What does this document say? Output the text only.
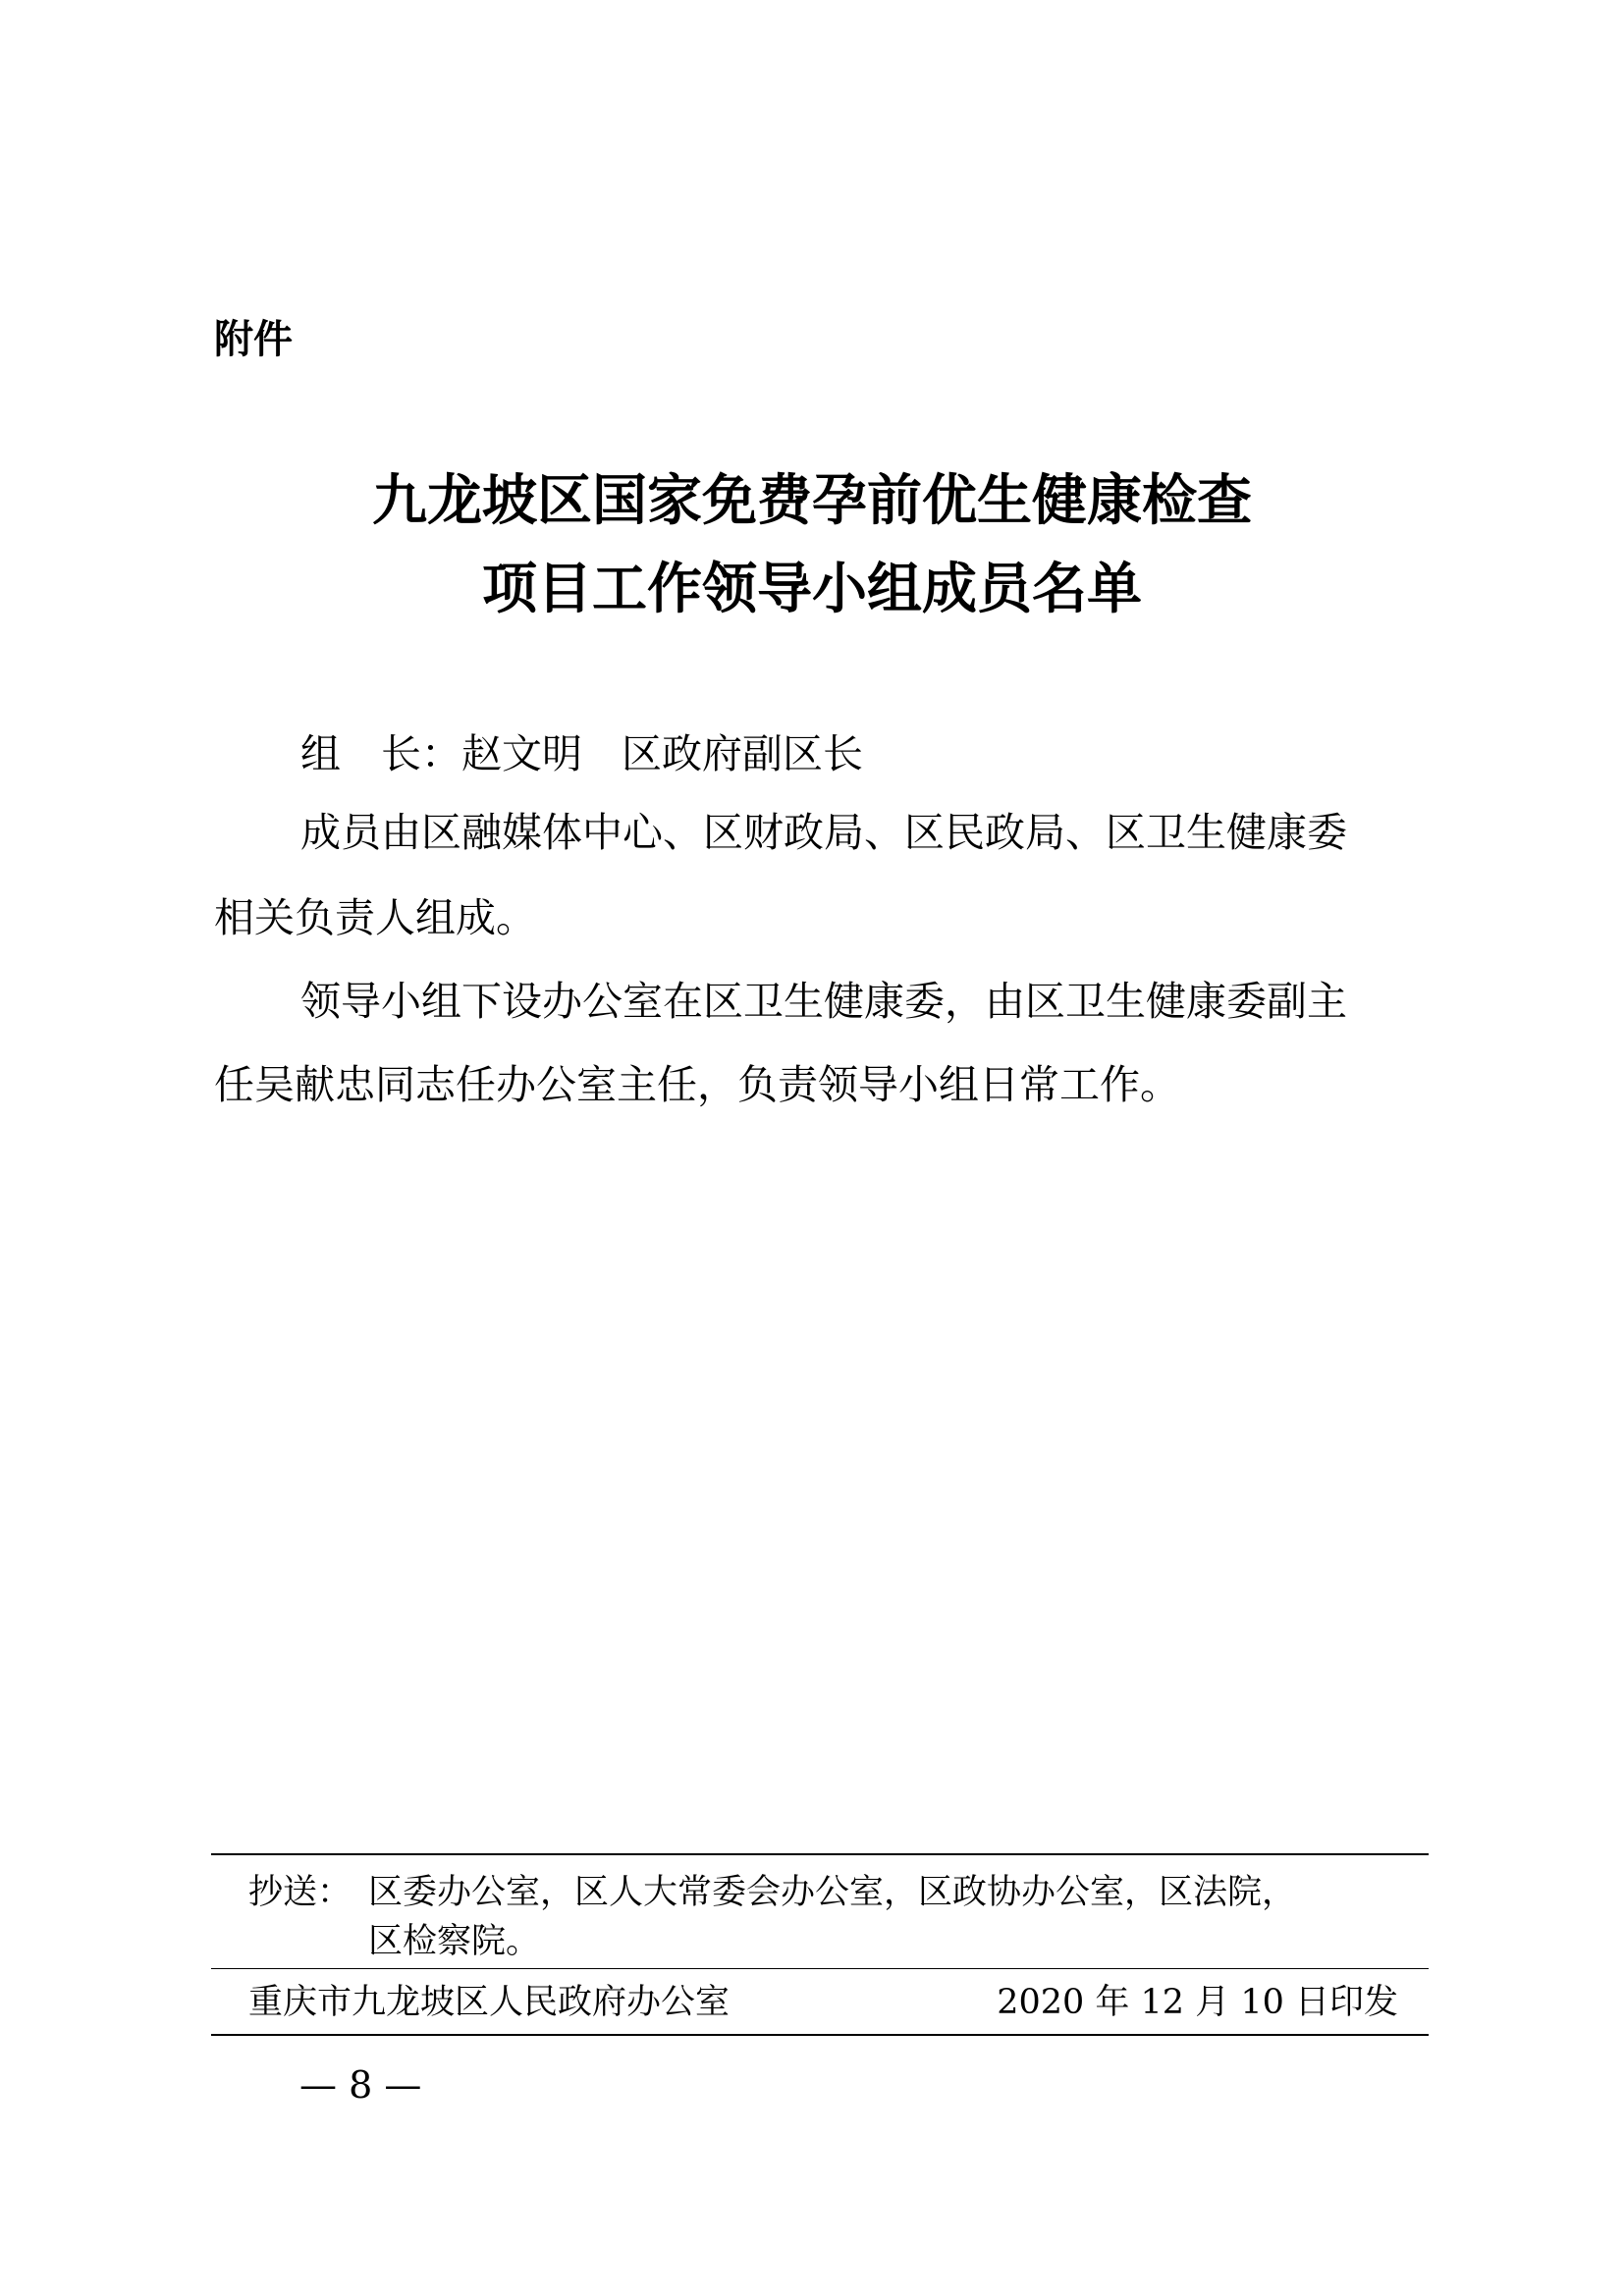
附件
九龙坡区国家免费孕前优生健康检查
项目工作领导小组成员名单
组　长：赵文明 区政府副区长
成员由区融媒体中心、区财政局、区民政局、区卫生健康委
相关负责人组成。
领导小组下设办公室在区卫生健康委，由区卫生健康委副主
任吴献忠同志任办公室主任，负责领导小组日常工作。
抄送： 区委办公室，区人大常委会办公室，区政协办公室，区法院，
区检察院。
重庆市九龙坡区人民政府办公室	2020 年 12 月 10 日印发
— 8 —
